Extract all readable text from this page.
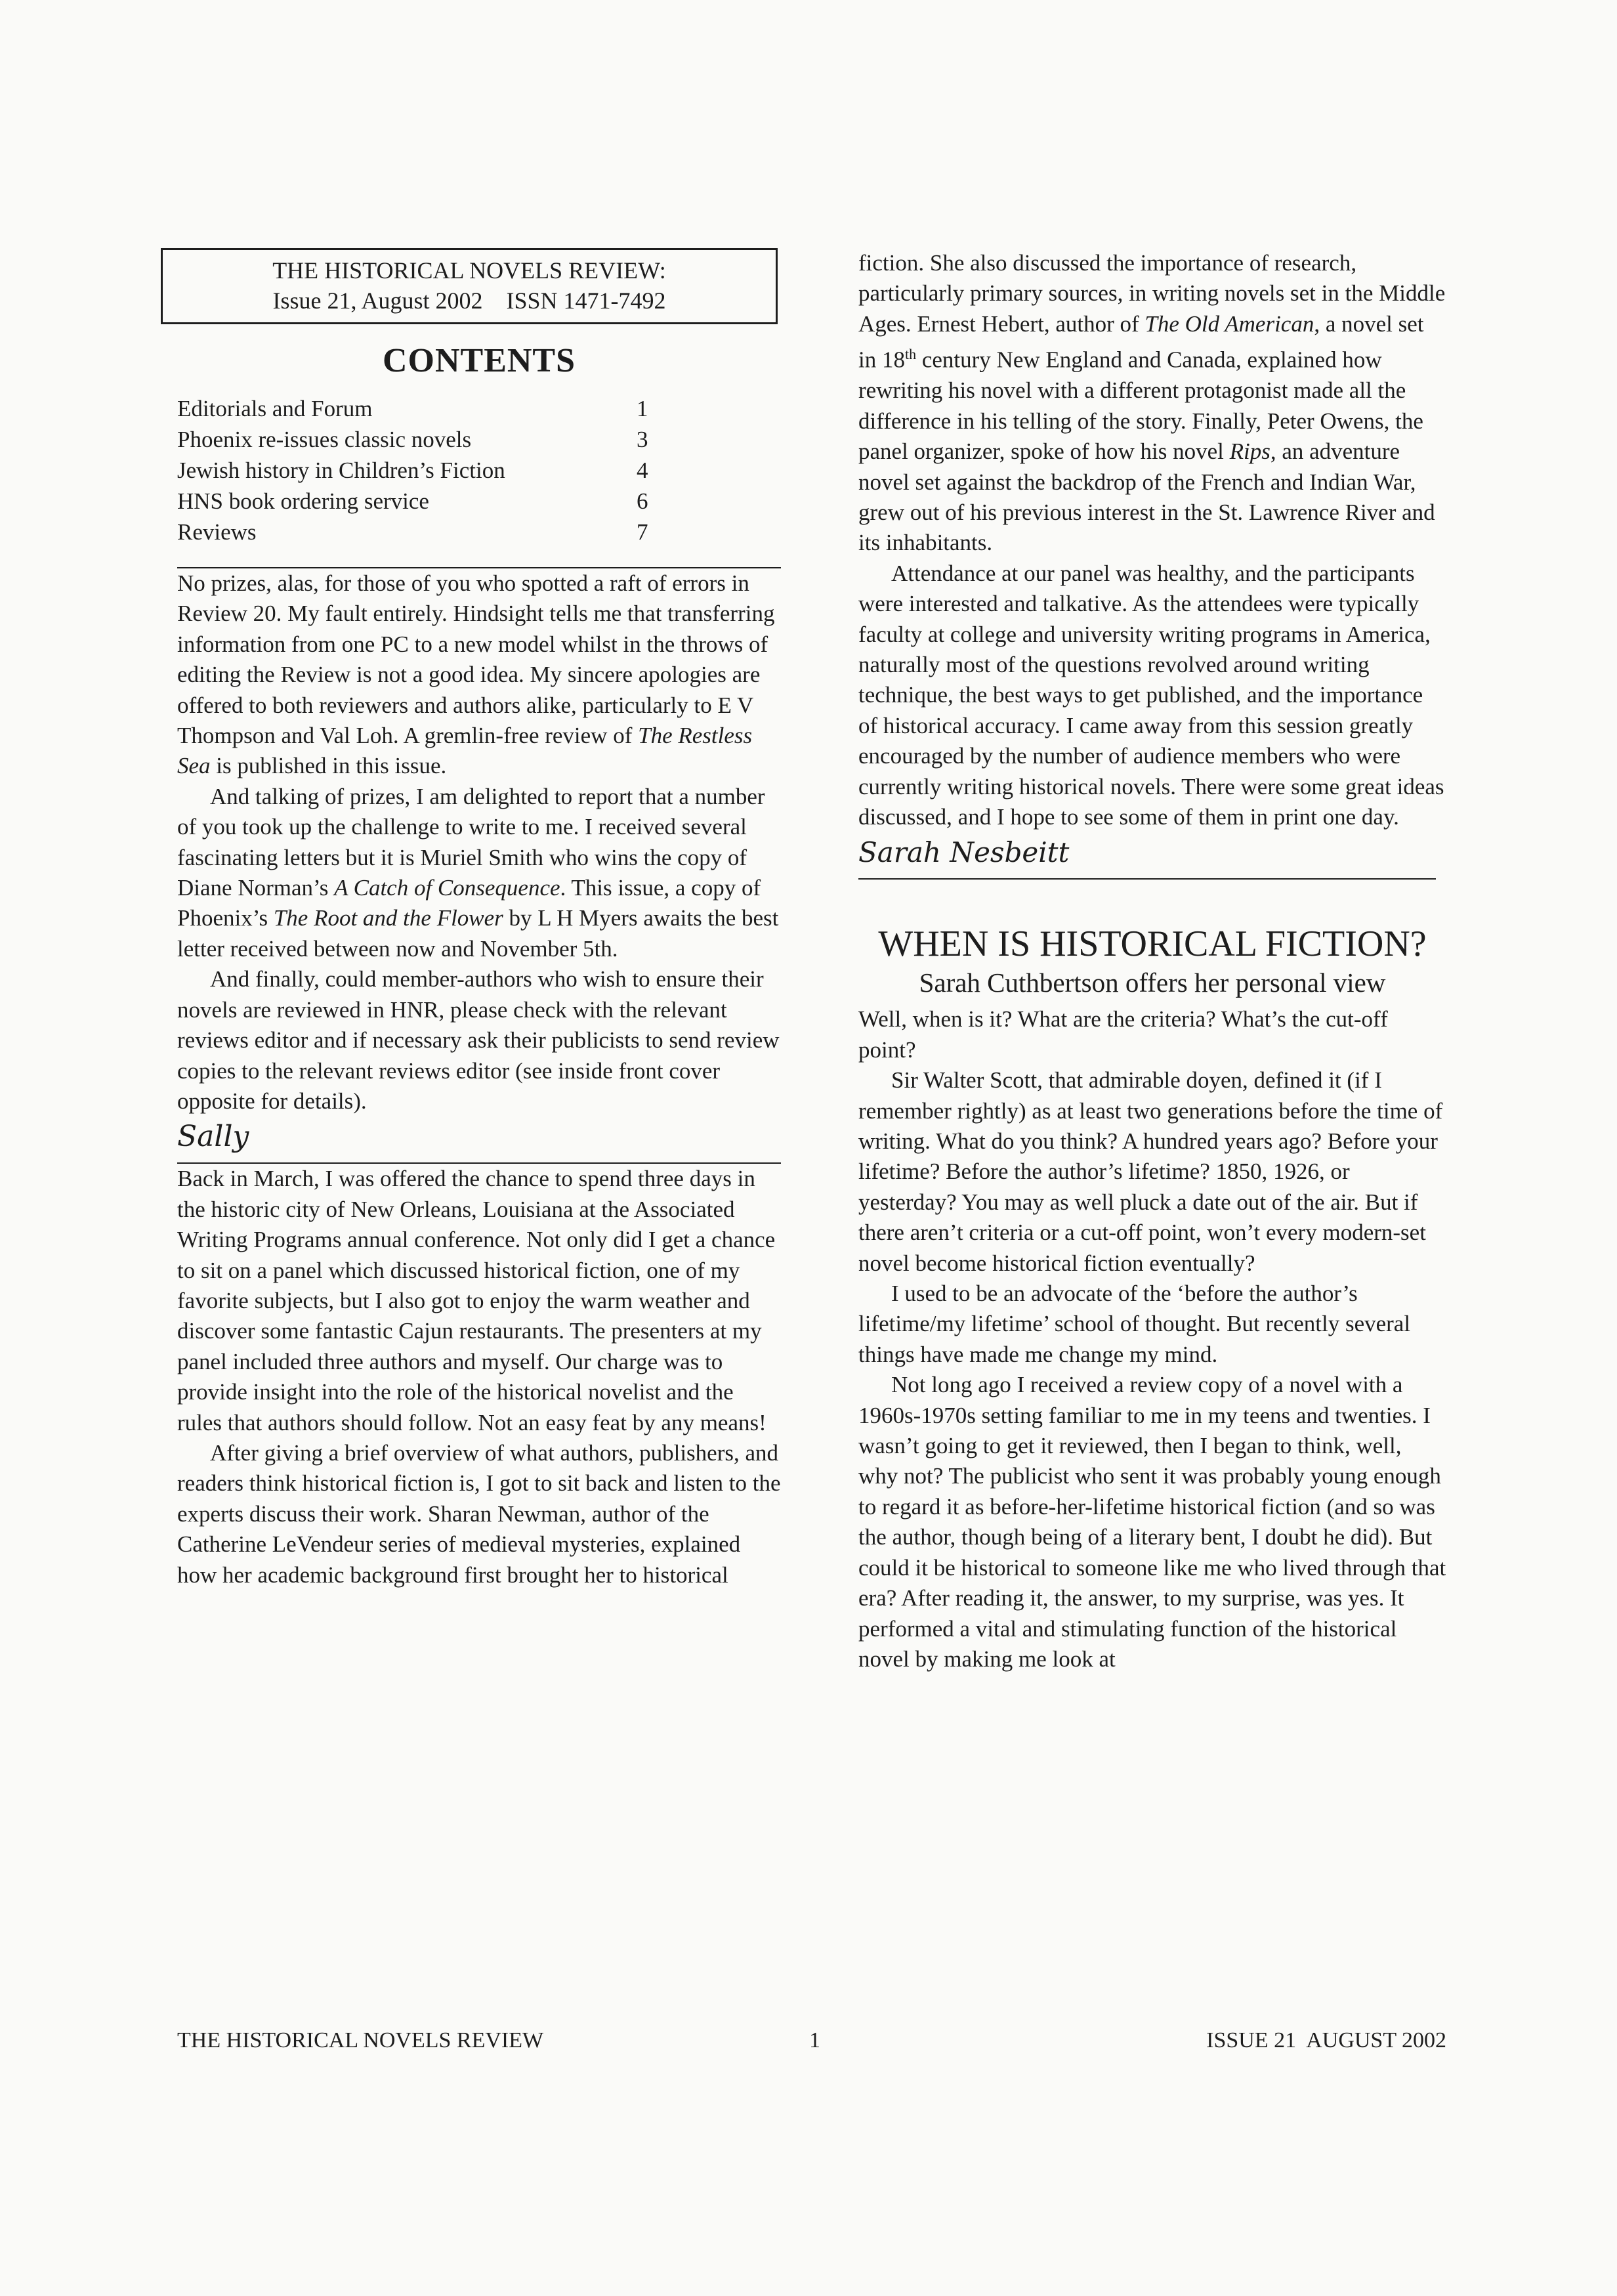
THE HISTORICAL NOVELS REVIEW:
Issue 21, August 2002    ISSN 1471-7492
CONTENTS
Editorials and Forum	1
Phoenix re-issues classic novels	3
Jewish history in Children’s Fiction	4
HNS book ordering service	6
Reviews	7

No prizes, alas, for those of you who spotted a raft of errors in Review 20. My fault entirely. Hindsight tells me that transferring information from one PC to a new model whilst in the throws of editing the Review is not a good idea. My sincere apologies are offered to both reviewers and authors alike, particularly to E V Thompson and Val Loh. A gremlin-free review of The Restless Sea is published in this issue.

And talking of prizes, I am delighted to report that a number of you took up the challenge to write to me. I received several fascinating letters but it is Muriel Smith who wins the copy of Diane Norman’s A Catch of Consequence. This issue, a copy of Phoenix’s The Root and the Flower by L H Myers awaits the best letter received between now and November 5th.

And finally, could member-authors who wish to ensure their novels are reviewed in HNR, please check with the relevant reviews editor and if necessary ask their publicists to send review copies to the relevant reviews editor (see inside front cover opposite for details).

Sally

Back in March, I was offered the chance to spend three days in the historic city of New Orleans, Louisiana at the Associated Writing Programs annual conference. Not only did I get a chance to sit on a panel which discussed historical fiction, one of my favorite subjects, but I also got to enjoy the warm weather and discover some fantastic Cajun restaurants. The presenters at my panel included three authors and myself. Our charge was to provide insight into the role of the historical novelist and the rules that authors should follow. Not an easy feat by any means!

After giving a brief overview of what authors, publishers, and readers think historical fiction is, I got to sit back and listen to the experts discuss their work. Sharan Newman, author of the Catherine LeVendeur series of medieval mysteries, explained how her academic background first brought her to historical

fiction. She also discussed the importance of research, particularly primary sources, in writing novels set in the Middle Ages. Ernest Hebert, author of The Old American, a novel set in 18th century New England and Canada, explained how rewriting his novel with a different protagonist made all the difference in his telling of the story. Finally, Peter Owens, the panel organizer, spoke of how his novel Rips, an adventure novel set against the backdrop of the French and Indian War, grew out of his previous interest in the St. Lawrence River and its inhabitants.

Attendance at our panel was healthy, and the participants were interested and talkative. As the attendees were typically faculty at college and university writing programs in America, naturally most of the questions revolved around writing technique, the best ways to get published, and the importance of historical accuracy. I came away from this session greatly encouraged by the number of audience members who were currently writing historical novels. There were some great ideas discussed, and I hope to see some of them in print one day.

Sarah Nesbeitt
WHEN IS HISTORICAL FICTION?
Sarah Cuthbertson offers her personal view

Well, when is it? What are the criteria? What’s the cut-off point?

Sir Walter Scott, that admirable doyen, defined it (if I remember rightly) as at least two generations before the time of writing. What do you think? A hundred years ago? Before your lifetime? Before the author’s lifetime? 1850, 1926, or yesterday? You may as well pluck a date out of the air. But if there aren’t criteria or a cut-off point, won’t every modern-set novel become historical fiction eventually?

I used to be an advocate of the ‘before the author’s lifetime/my lifetime’ school of thought. But recently several things have made me change my mind.

Not long ago I received a review copy of a novel with a 1960s-1970s setting familiar to me in my teens and twenties. I wasn’t going to get it reviewed, then I began to think, well, why not? The publicist who sent it was probably young enough to regard it as before-her-lifetime historical fiction (and so was the author, though being of a literary bent, I doubt he did). But could it be historical to someone like me who lived through that era? After reading it, the answer, to my surprise, was yes. It performed a vital and stimulating function of the historical novel by making me look at

THE HISTORICAL NOVELS REVIEW	1	ISSUE 21  AUGUST 2002
